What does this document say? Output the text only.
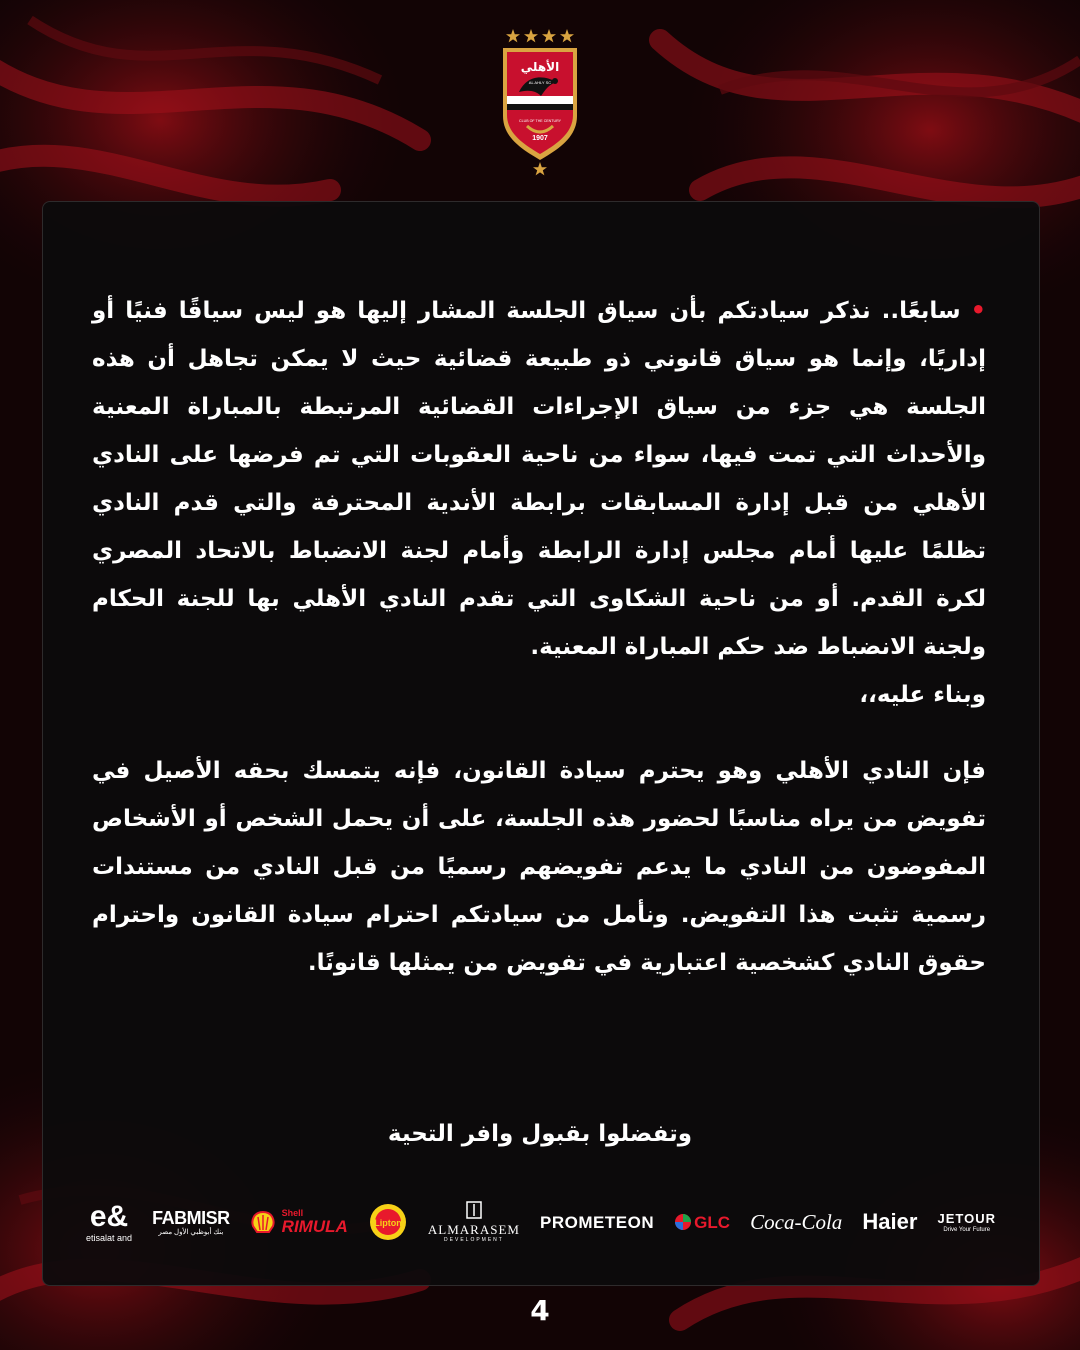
الأهلي
AL AHLY SC
CLUB OF THE CENTURY
1907

•سابعًا.. نذكر سيادتكم بأن سياق الجلسة المشار إليها هو ليس سياقًا فنيًا أو إداريًا، وإنما هو سياق قانوني ذو طبيعة قضائية حيث لا يمكن تجاهل أن هذه الجلسة هي جزء من سياق الإجراءات القضائية المرتبطة بالمباراة المعنية والأحداث التي تمت فيها، سواء من ناحية العقوبات التي تم فرضها على النادي الأهلي من قبل إدارة المسابقات برابطة الأندية المحترفة والتي قدم النادي تظلمًا عليها أمام مجلس إدارة الرابطة وأمام لجنة الانضباط بالاتحاد المصري لكرة القدم. أو من ناحية الشكاوى التي تقدم النادي الأهلي بها للجنة الحكام ولجنة الانضباط ضد حكم المباراة المعنية.

وبناء عليه،،

فإن النادي الأهلي وهو يحترم سيادة القانون، فإنه يتمسك بحقه الأصيل في تفويض من يراه مناسبًا لحضور هذه الجلسة، على أن يحمل الشخص أو الأشخاص المفوضون من النادي ما يدعم تفويضهم رسميًا من قبل النادي من مستندات رسمية تثبت هذا التفويض. ونأمل من سيادتكم احترام سيادة القانون واحترام حقوق النادي كشخصية اعتبارية في تفويض من يمثلها قانونًا.

وتفضلوا بقبول وافر التحية
e&
etisalat and
FABMISR
بنك أبوظبي الأول مصر
Shell
RIMULA	Lipton ALMARASEM
DEVELOPMENT
PROMETEON GLC Coca-Cola Haier JETOUR
Drive Your Future
4
